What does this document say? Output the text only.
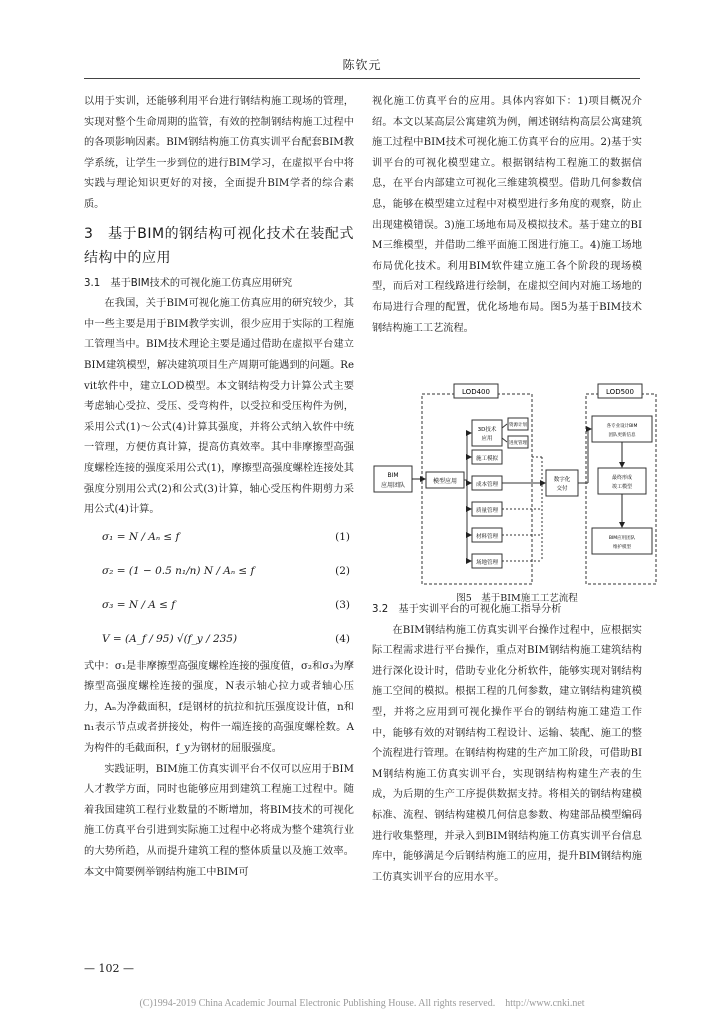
陈钦元

以用于实训，还能够利用平台进行钢结构施工现场的管理，实现对整个生命周期的监管，有效的控制钢结构施工过程中的各项影响因素。BIM钢结构施工仿真实训平台配套BIM教学系统，让学生一步到位的进行BIM学习，在虚拟平台中将实践与理论知识更好的对接，全面提升BIM学者的综合素质。

3　基于BIM的钢结构可视化技术在装配式结构中的应用
3.1　基于BIM技术的可视化施工仿真应用研究

在我国，关于BIM可视化施工仿真应用的研究较少，其中一些主要是用于BIM教学实训，很少应用于实际的工程施工管理当中。BIM技术理论主要是通过借助在虚拟平台建立BIM建筑模型，解决建筑项目生产周期可能遇到的问题。Revit软件中，建立LOD模型。本文钢结构受力计算公式主要考虑轴心受拉、受压、受弯构件，以受拉和受压构件为例，采用公式(1)～公式(4)计算其强度，并将公式纳入软件中统一管理，方便仿真计算，提高仿真效率。其中非摩擦型高强度螺栓连接的强度采用公式(1)，摩擦型高强度螺栓连接处其强度分别用公式(2)和公式(3)计算，轴心受压构件期剪力采用公式(4)计算。

σ₁ = N / Aₙ ≤ f	(1)
σ₂ = (1 − 0.5 n₁/n) N / Aₙ ≤ f	(2)
σ₃ = N / A ≤ f	(3)
V = (A_f / 95) √(f_y / 235)	(4)

式中：σ₁是非摩擦型高强度螺栓连接的强度值，σ₂和σ₃为摩擦型高强度螺栓连接的强度，N表示轴心拉力或者轴心压力，Aₙ为净截面积，f是钢材的抗拉和抗压强度设计值，n和n₁表示节点或者拼接处，构件一端连接的高强度螺栓数。A为构件的毛截面积，f_y为钢材的屈服强度。

实践证明，BIM施工仿真实训平台不仅可以应用于BIM人才教学方面，同时也能够应用到建筑工程施工过程中。随着我国建筑工程行业数量的不断增加，将BIM技术的可视化施工仿真平台引进到实际施工过程中必将成为整个建筑行业的大势所趋，从而提升建筑工程的整体质量以及施工效率。本文中简要例举钢结构施工中BIM可

视化施工仿真平台的应用。具体内容如下：1)项目概况介绍。本文以某高层公寓建筑为例，阐述钢结构高层公寓建筑施工过程中BIM技术可视化施工仿真平台的应用。2)基于实训平台的可视化模型建立。根据钢结构工程施工的数据信息，在平台内部建立可视化三维建筑模型。借助几何参数信息，能够在模型建立过程中对模型进行多角度的观察，防止出现建模错误。3)施工场地布局及模拟技术。基于建立的BIM三维模型，并借助二维平面施工图进行施工。4)施工场地布局优化技术。利用BIM软件建立施工各个阶段的现场模型，而后对工程线路进行绘制，在虚拟空间内对施工场地的布局进行合理的配置，优化场地布局。图5为基于BIM技术钢结构施工工艺流程。

LOD400	LOD500
BIM
应用团队
模型应用
3D技术
应用
施工模拟
成本管理
质量管理
材料管理
场地管理
资源计划
进度管理
数字化
交付
各专业设计BIM
团队更新信息
最终形成
竣工模型
BIM应用团队
维护模型
图5　基于BIM施工工艺流程
3.2　基于实训平台的可视化施工指导分析

在BIM钢结构施工仿真实训平台操作过程中，应根据实际工程需求进行平台操作，重点对BIM钢结构施工建筑结构进行深化设计时，借助专业化分析软件，能够实现对钢结构施工空间的模拟。根据工程的几何参数，建立钢结构建筑模型，并将之应用到可视化操作平台的钢结构施工建造工作中，能够有效的对钢结构工程设计、运输、装配、施工的整个流程进行管理。在钢结构构建的生产加工阶段，可借助BIM钢结构施工仿真实训平台，实现钢结构构建生产表的生成，为后期的生产工序提供数据支持。将相关的钢结构建模标准、流程、钢结构建模几何信息参数、构建部品模型编码进行收集整理，并录入到BIM钢结构施工仿真实训平台信息库中，能够满足今后钢结构施工的应用，提升BIM钢结构施工仿真实训平台的应用水平。

— 102 —
(C)1994-2019 China Academic Journal Electronic Publishing House. All rights reserved.　http://www.cnki.net
